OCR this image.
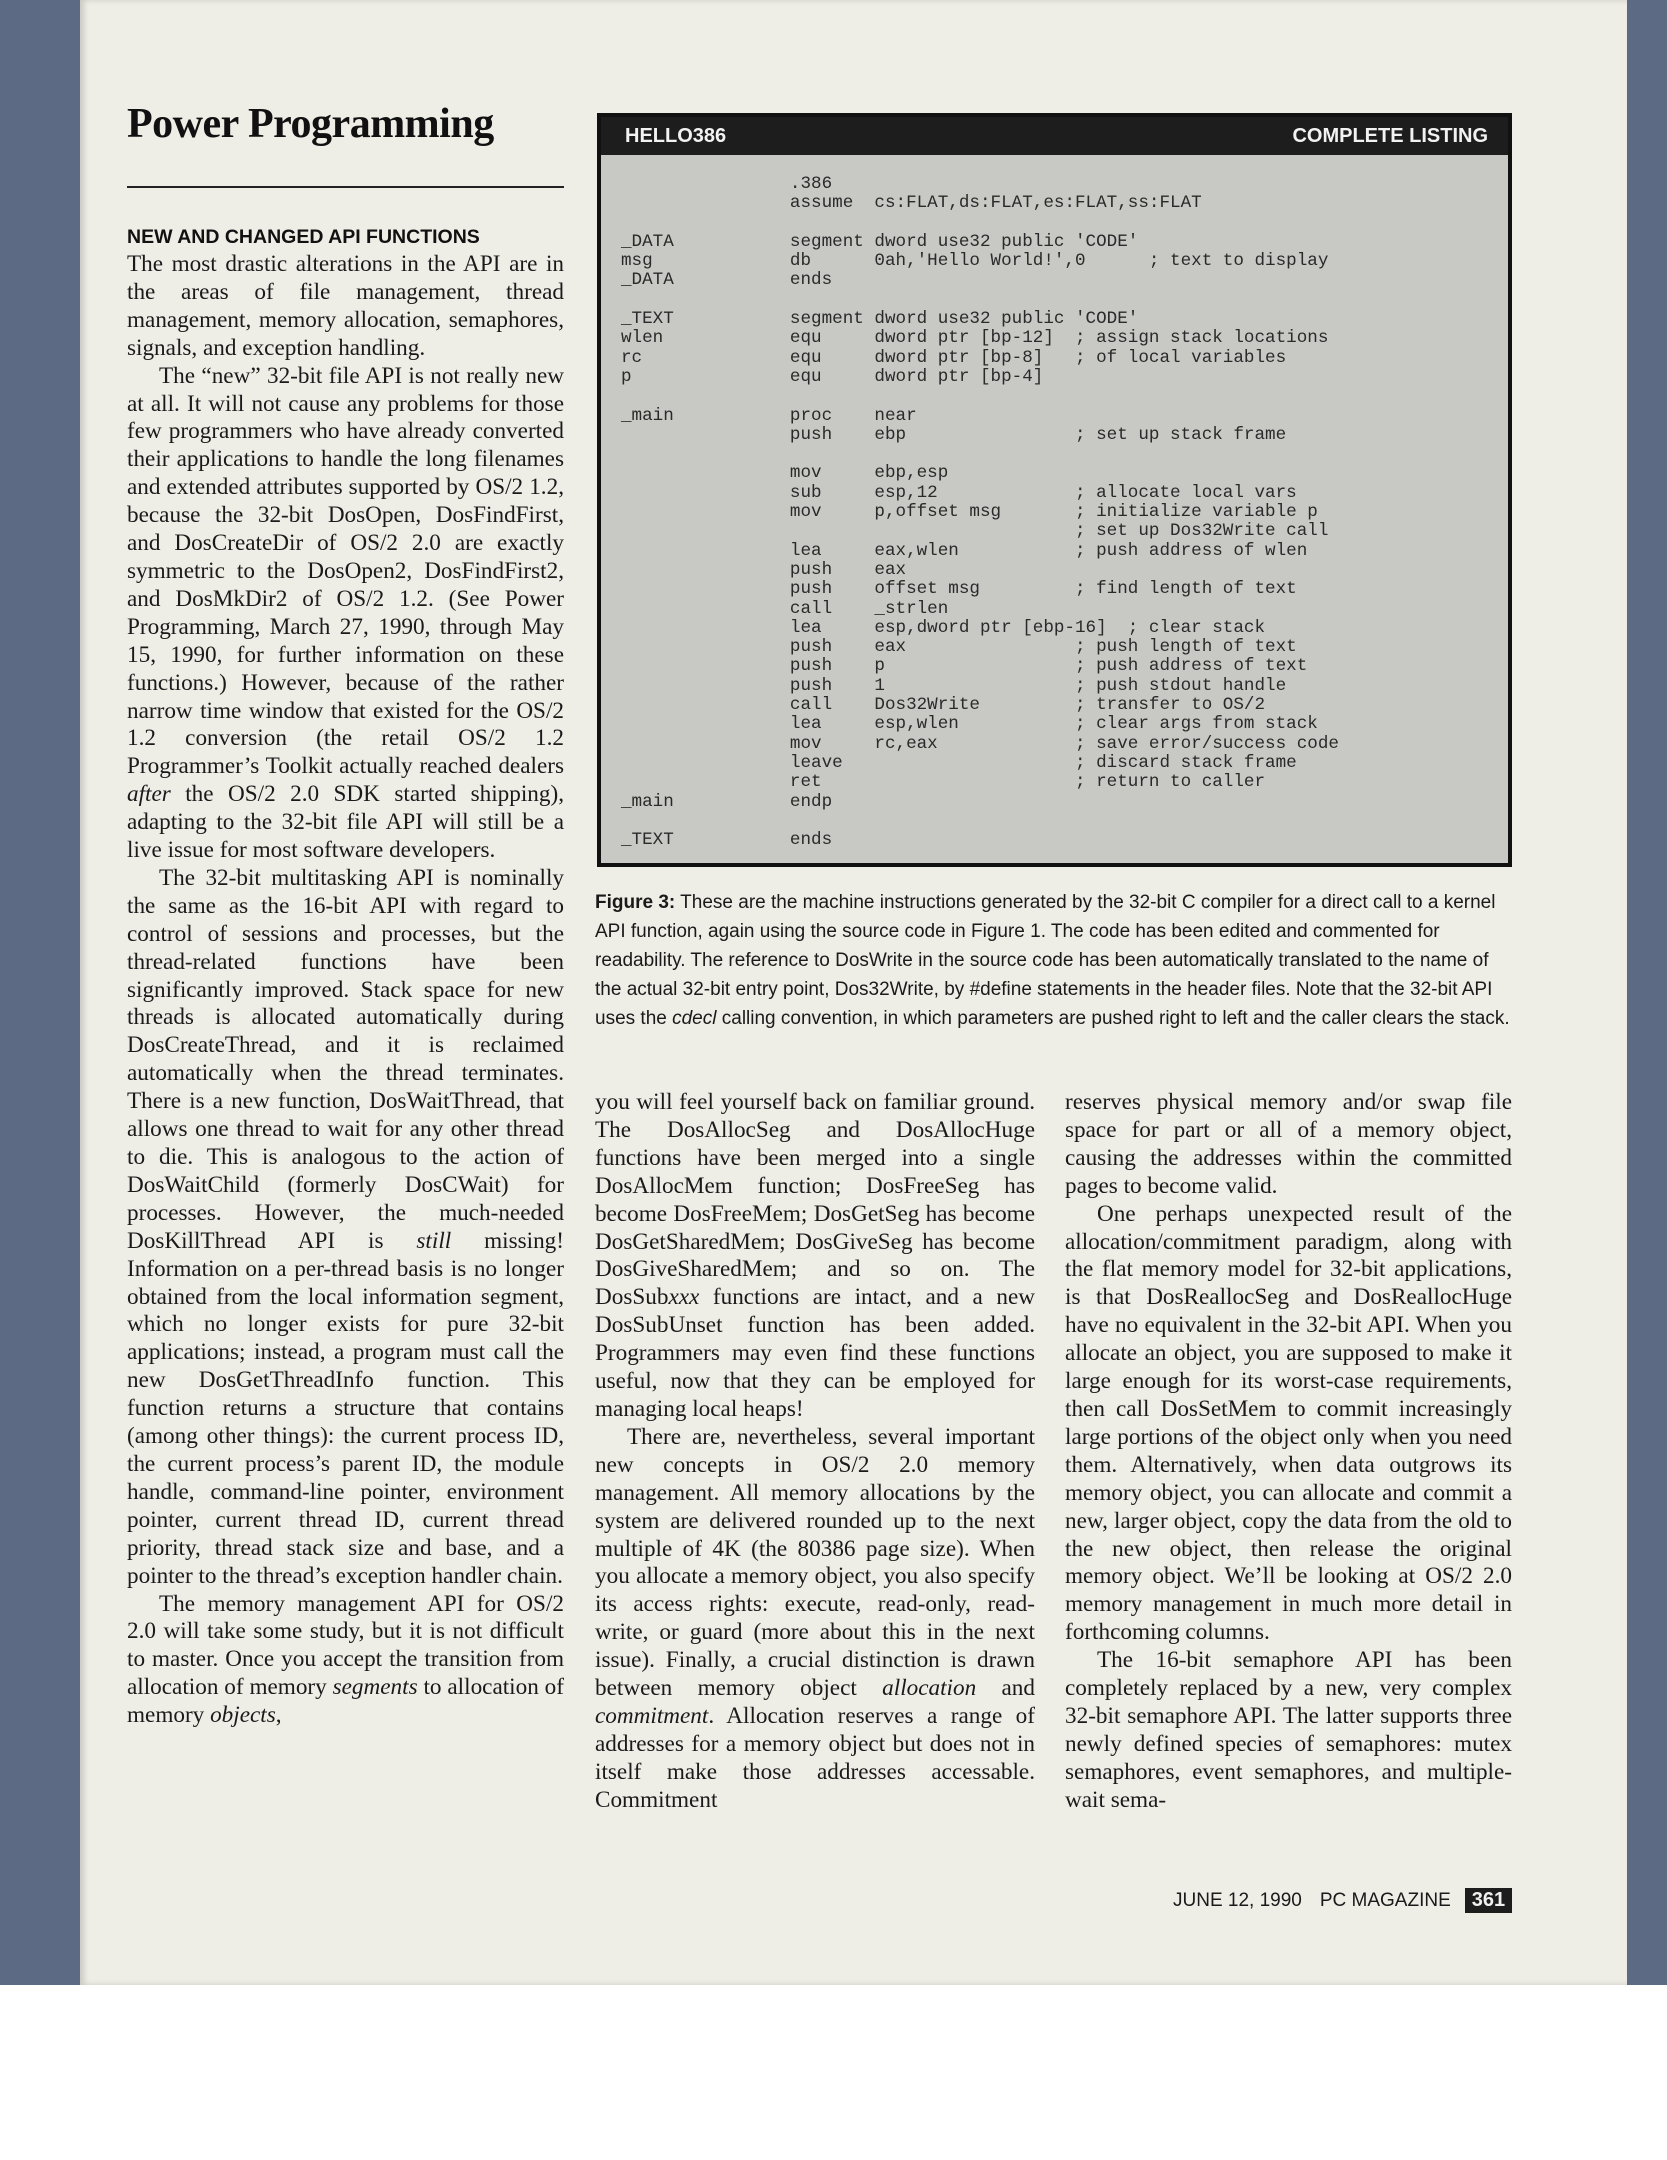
Power Programming
NEW AND CHANGED API FUNCTIONS

The most drastic alterations in the API are in the areas of file management, thread management, memory allocation, semaphores, signals, and exception handling.

The “new” 32-bit file API is not really new at all. It will not cause any problems for those few programmers who have already converted their applications to handle the long filenames and extended attributes supported by OS/2 1.2, because the 32-bit DosOpen, DosFindFirst, and DosCreateDir of OS/2 2.0 are exactly symmetric to the DosOpen2, DosFindFirst2, and DosMkDir2 of OS/2 1.2. (See Power Programming, March 27, 1990, through May 15, 1990, for further information on these functions.) However, because of the rather narrow time window that existed for the OS/2 1.2 conversion (the retail OS/2 1.2 Programmer’s Toolkit actually reached dealers after the OS/2 2.0 SDK started shipping), adapting to the 32-bit file API will still be a live issue for most software developers.

The 32-bit multitasking API is nominally the same as the 16-bit API with regard to control of sessions and processes, but the thread-related functions have been significantly improved. Stack space for new threads is allocated automatically during DosCreateThread, and it is reclaimed automatically when the thread terminates. There is a new function, DosWaitThread, that allows one thread to wait for any other thread to die. This is analogous to the action of DosWaitChild (formerly DosCWait) for processes. However, the much-needed DosKillThread API is still missing! Information on a per-thread basis is no longer obtained from the local information segment, which no longer exists for pure 32-bit applications; instead, a program must call the new DosGetThreadInfo function. This function returns a structure that contains (among other things): the current process ID, the current process’s parent ID, the module handle, command-line pointer, environment pointer, current thread ID, current thread priority, thread stack size and base, and a pointer to the thread’s exception handler chain.

The memory management API for OS/2 2.0 will take some study, but it is not difficult to master. Once you accept the transition from allocation of memory segments to allocation of memory objects,

HELLO386	COMPLETE LISTING
.386
assume  cs:FLAT,ds:FLAT,es:FLAT,ss:FLAT

_DATA           segment dword use32 public 'CODE'
msg             db      0ah,'Hello World!',0      ; text to display
_DATA           ends

_TEXT           segment dword use32 public 'CODE'
wlen            equ     dword ptr [bp-12]  ; assign stack locations
rc              equ     dword ptr [bp-8]   ; of local variables
p               equ     dword ptr [bp-4]

_main           proc    near
push    ebp                ; set up stack frame

mov     ebp,esp
sub     esp,12             ; allocate local vars
mov     p,offset msg       ; initialize variable p
; set up Dos32Write call
lea     eax,wlen           ; push address of wlen
push    eax
push    offset msg         ; find length of text
call    _strlen
lea     esp,dword ptr [ebp-16]  ; clear stack
push    eax                ; push length of text
push    p                  ; push address of text
push    1                  ; push stdout handle
call    Dos32Write         ; transfer to OS/2
lea     esp,wlen           ; clear args from stack
mov     rc,eax             ; save error/success code
leave                      ; discard stack frame
ret                        ; return to caller
_main           endp

_TEXT           ends

Figure 3: These are the machine instructions generated by the 32-bit C compiler for a direct call to a kernel API function, again using the source code in Figure 1. The code has been edited and commented for readability. The reference to DosWrite in the source code has been automatically translated to the name of the actual 32-bit entry point, Dos32Write, by #define statements in the header files. Note that the 32-bit API uses the cdecl calling convention, in which parameters are pushed right to left and the caller clears the stack.

you will feel yourself back on familiar ground. The DosAllocSeg and DosAllocHuge functions have been merged into a single DosAllocMem function; DosFreeSeg has become DosFreeMem; DosGetSeg has become DosGetSharedMem; DosGiveSeg has become DosGiveSharedMem; and so on. The DosSubxxx functions are intact, and a new DosSubUnset function has been added. Programmers may even find these functions useful, now that they can be employed for managing local heaps!

There are, nevertheless, several important new concepts in OS/2 2.0 memory management. All memory allocations by the system are delivered rounded up to the next multiple of 4K (the 80386 page size). When you allocate a memory object, you also specify its access rights: execute, read-only, read-write, or guard (more about this in the next issue). Finally, a crucial distinction is drawn between memory object allocation and commitment. Allocation reserves a range of addresses for a memory object but does not in itself make those addresses accessable. Commitment

reserves physical memory and/or swap file space for part or all of a memory object, causing the addresses within the committed pages to become valid.

One perhaps unexpected result of the allocation/commitment paradigm, along with the flat memory model for 32-bit applications, is that DosReallocSeg and DosReallocHuge have no equivalent in the 32-bit API. When you allocate an object, you are supposed to make it large enough for its worst-case requirements, then call DosSetMem to commit increasingly large portions of the object only when you need them. Alternatively, when data outgrows its memory object, you can allocate and commit a new, larger object, copy the data from the old to the new object, then release the original memory object. We’ll be looking at OS/2 2.0 memory management in much more detail in forthcoming columns.

The 16-bit semaphore API has been completely replaced by a new, very complex 32-bit semaphore API. The latter supports three newly defined species of semaphores: mutex semaphores, event semaphores, and multiple-wait sema-

JUNE 12, 1990 PC MAGAZINE	361
